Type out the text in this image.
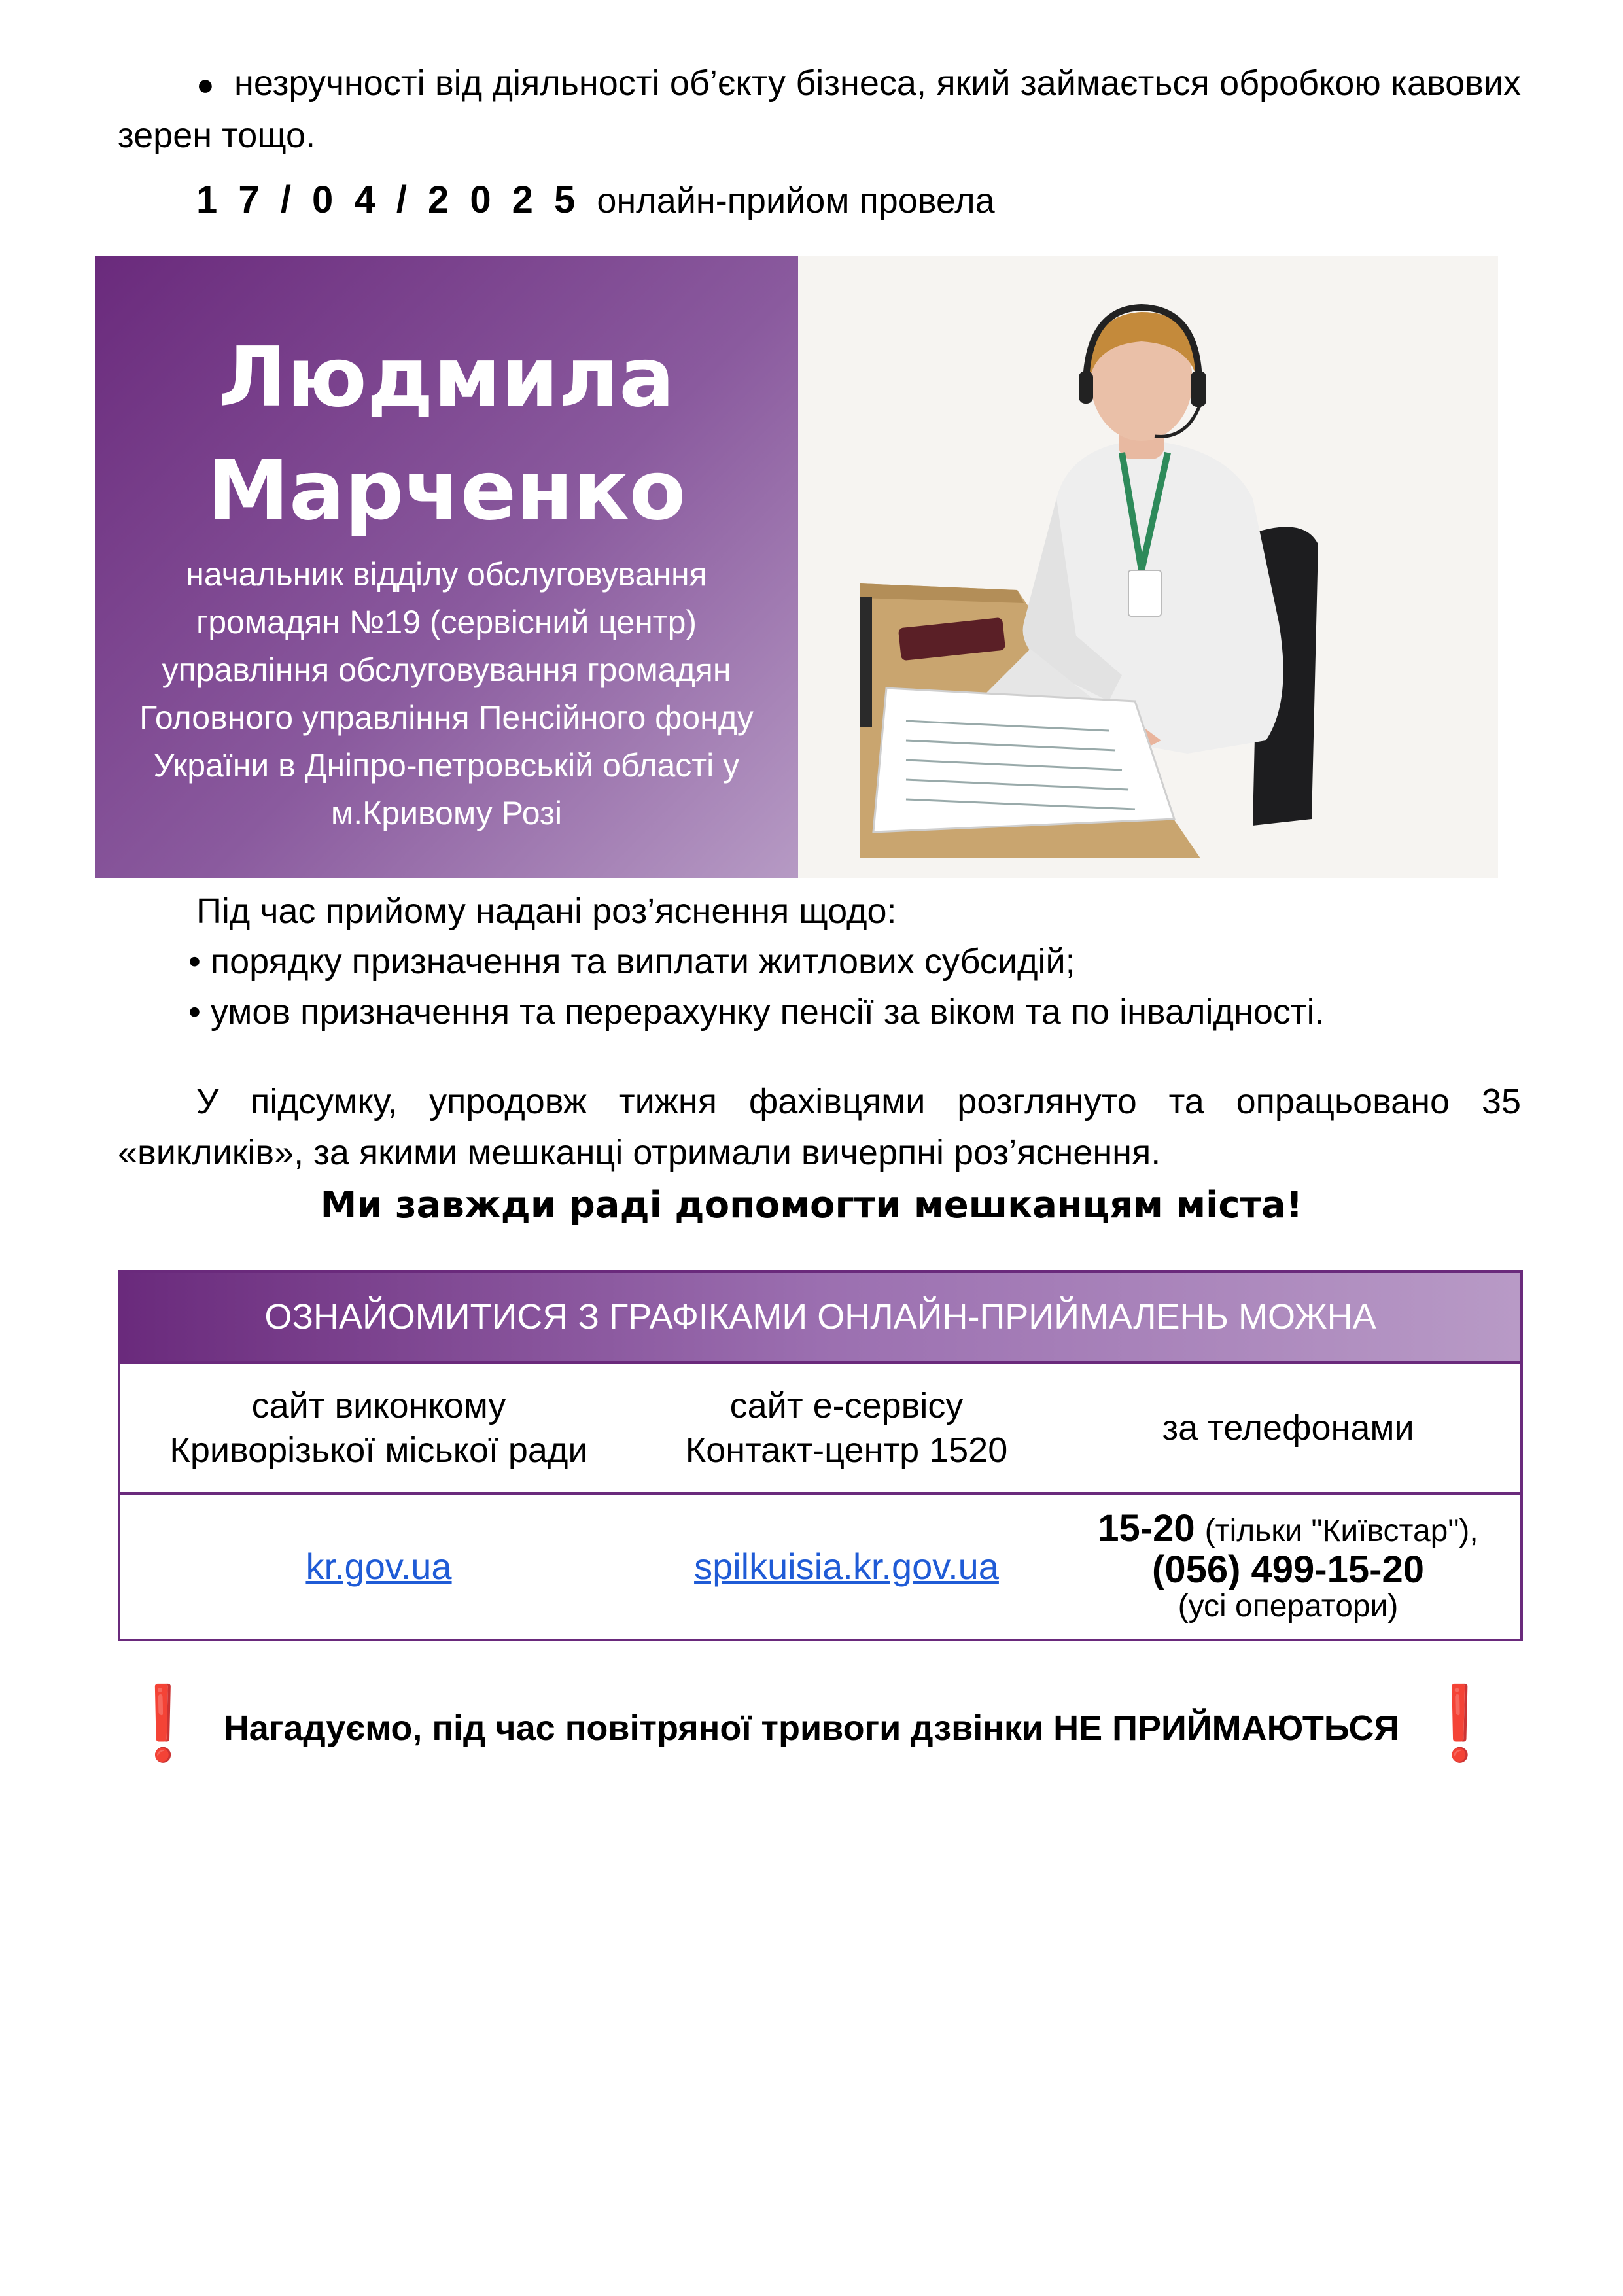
● незручності від діяльності об’єкту бізнеса, який займається обробкою кавових зерен тощо.

1 7 / 0 4 / 2 0 2 5 онлайн-прийом провела

Людмила

Марченко

начальник відділу обслуговування
громадян №19 (сервісний центр)
управління обслуговування громадян
Головного управління Пенсійного фонду
України в Дніпро-петровській області у
м.Кривому Розі

Під час прийому надані роз’яснення щодо:
• порядку призначення та виплати житлових субсидій;
• умов призначення та перерахунку пенсії за віком та по інвалідності.

У підсумку, упродовж тижня фахівцями розглянуто та опрацьовано 35 «викликів», за якими мешканці отримали вичерпні роз’яснення.

Ми завжди раді допомогти мешканцям міста!

ОЗНАЙОМИТИСЯ З ГРАФІКАМИ ОНЛАЙН-ПРИЙМАЛЕНЬ МОЖНА
сайт виконкому
Криворізької міської ради
сайт е-сервісу
Контакт-центр 1520
за телефонами
kr.gov.ua	spilkuisia.kr.gov.ua
15-20 (тільки "Київстар"),
(056) 499-15-20
(усі оператори)

❗ Нагадуємо, під час повітряної тривоги дзвінки НЕ ПРИЙМАЮТЬСЯ ❗
